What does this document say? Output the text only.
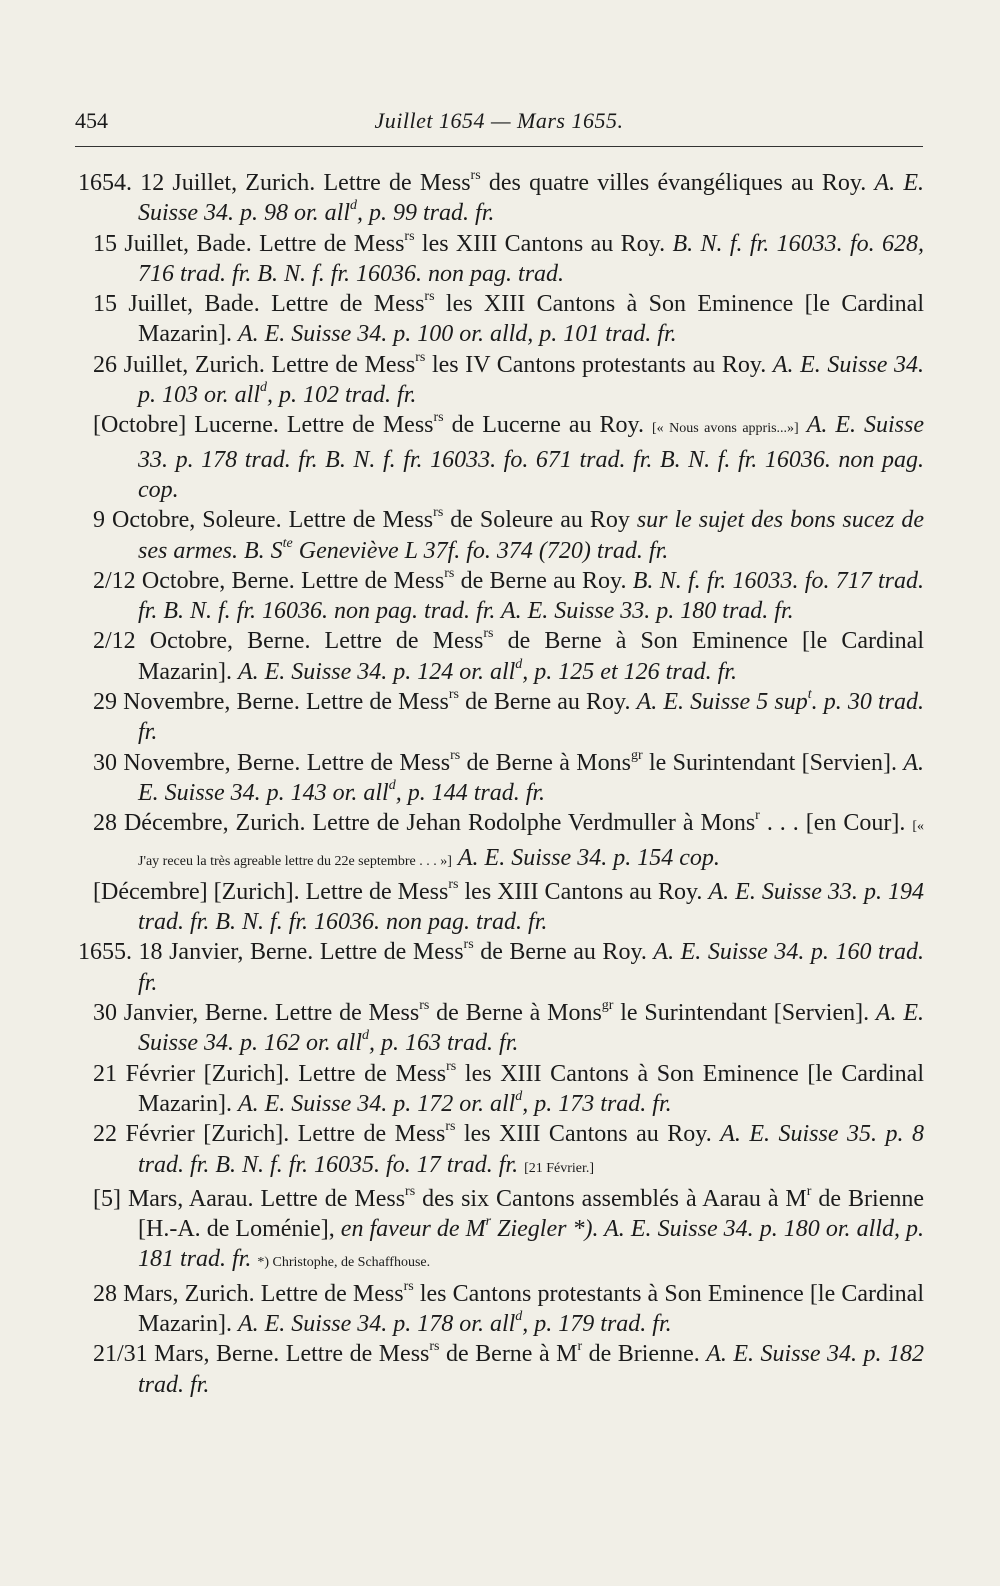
454	Juillet 1654 — Mars 1655.
1654. 12 Juillet, Zurich. Lettre de Mess$^{rs}$ des quatre villes évangéliques au Roy. A. E. Suisse 34. p. 98 or. all$^d$, p. 99 trad. fr.
15 Juillet, Bade. Lettre de Mess$^{rs}$ les XIII Cantons au Roy. B. N. f. fr. 16033. fo. 628, 716 trad. fr. B. N. f. fr. 16036. non pag. trad.
15 Juillet, Bade. Lettre de Mess$^{rs}$ les XIII Cantons à Son Eminence [le Cardinal Mazarin]. A. E. Suisse 34. p. 100 or. alld, p. 101 trad. fr.
26 Juillet, Zurich. Lettre de Mess$^{rs}$ les IV Cantons protestants au Roy. A. E. Suisse 34. p. 103 or. all$^d$, p. 102 trad. fr.
[Octobre] Lucerne. Lettre de Mess$^{rs}$ de Lucerne au Roy. [« Nous avons appris...»] A. E. Suisse 33. p. 178 trad. fr. B. N. f. fr. 16033. fo. 671 trad. fr. B. N. f. fr. 16036. non pag. cop.
9 Octobre, Soleure. Lettre de Mess$^{rs}$ de Soleure au Roy sur le sujet des bons sucez de ses armes. B. $S^{te}$ Geneviève L 37f. fo. 374 (720) trad. fr.
2/12 Octobre, Berne. Lettre de Mess$^{rs}$ de Berne au Roy. B. N. f. fr. 16033. fo. 717 trad. fr. B. N. f. fr. 16036. non pag. trad. fr. A. E. Suisse 33. p. 180 trad. fr.
2/12 Octobre, Berne. Lettre de Mess$^{rs}$ de Berne à Son Eminence [le Cardinal Mazarin]. A. E. Suisse 34. p. 124 or. all$^d$, p. 125 et 126 trad. fr.
29 Novembre, Berne. Lettre de Mess$^{rs}$ de Berne au Roy. A. E. Suisse 5 sup$^t$. p. 30 trad. fr.
30 Novembre, Berne. Lettre de Mess$^{rs}$ de Berne à Mons$^{gr}$ le Surintendant [Servien]. A. E. Suisse 34. p. 143 or. all$^d$, p. 144 trad. fr.
28 Décembre, Zurich. Lettre de Jehan Rodolphe Verdmuller à Mons$^r$ . . . [en Cour]. [« J'ay receu la très agreable lettre du 22e septembre . . . »] A. E. Suisse 34. p. 154 cop.
[Décembre] [Zurich]. Lettre de Mess$^{rs}$ les XIII Cantons au Roy. A. E. Suisse 33. p. 194 trad. fr. B. N. f. fr. 16036. non pag. trad. fr.
1655. 18 Janvier, Berne. Lettre de Mess$^{rs}$ de Berne au Roy. A. E. Suisse 34. p. 160 trad. fr.
30 Janvier, Berne. Lettre de Mess$^{rs}$ de Berne à Mons$^{gr}$ le Surintendant [Servien]. A. E. Suisse 34. p. 162 or. all$^d$, p. 163 trad. fr.
21 Février [Zurich]. Lettre de Mess$^{rs}$ les XIII Cantons à Son Eminence [le Cardinal Mazarin]. A. E. Suisse 34. p. 172 or. all$^d$, p. 173 trad. fr.
22 Février [Zurich]. Lettre de Mess$^{rs}$ les XIII Cantons au Roy. A. E. Suisse 35. p. 8 trad. fr. B. N. f. fr. 16035. fo. 17 trad. fr. [21 Février.]
[5] Mars, Aarau. Lettre de Mess$^{rs}$ des six Cantons assemblés à Aarau à $M^r$ de Brienne [H.-A. de Loménie], en faveur de $M^r$ Ziegler *). A. E. Suisse 34. p. 180 or. alld, p. 181 trad. fr. *) Christophe, de Schaffhouse.
28 Mars, Zurich. Lettre de Mess$^{rs}$ les Cantons protestants à Son Eminence [le Cardinal Mazarin]. A. E. Suisse 34. p. 178 or. all$^d$, p. 179 trad. fr.
21/31 Mars, Berne. Lettre de Mess$^{rs}$ de Berne à $M^r$ de Brienne. A. E. Suisse 34. p. 182 trad. fr.
